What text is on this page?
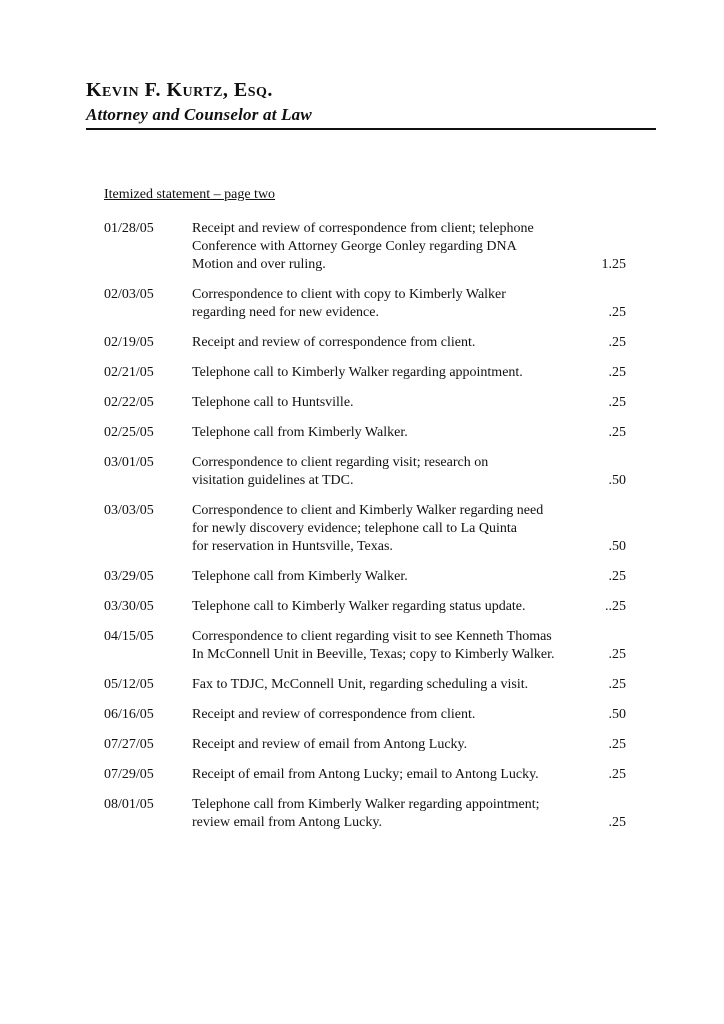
Kevin F. Kurtz, Esq.
Attorney and Counselor at Law
Itemized statement – page two
01/28/05	Receipt and review of correspondence from client; telephone
Conference with Attorney George Conley regarding DNA
Motion and over ruling.	1.25
02/03/05	Correspondence to client with copy to Kimberly Walker
regarding need for new evidence.	.25
02/19/05	Receipt and review of correspondence from client.	.25
02/21/05	Telephone call to Kimberly Walker regarding appointment.	.25
02/22/05	Telephone call to Huntsville.	.25
02/25/05	Telephone call from Kimberly Walker.	.25
03/01/05	Correspondence to client regarding visit; research on
visitation guidelines at TDC.	.50
03/03/05	Correspondence to client and Kimberly Walker regarding need
for newly discovery evidence; telephone call to La Quinta
for reservation in Huntsville, Texas.	.50
03/29/05	Telephone call from Kimberly Walker.	.25
03/30/05	Telephone call to Kimberly Walker regarding status update.	..25
04/15/05	Correspondence to client regarding visit to see Kenneth Thomas
In McConnell Unit in Beeville, Texas; copy to Kimberly Walker.	.25
05/12/05	Fax to TDJC, McConnell Unit, regarding scheduling a visit.	.25
06/16/05	Receipt and review of correspondence from client.	.50
07/27/05	Receipt and review of email from Antong Lucky.	.25
07/29/05	Receipt of email from Antong Lucky; email to Antong Lucky.	.25
08/01/05	Telephone call from Kimberly Walker regarding appointment;
review email from Antong Lucky.	.25
